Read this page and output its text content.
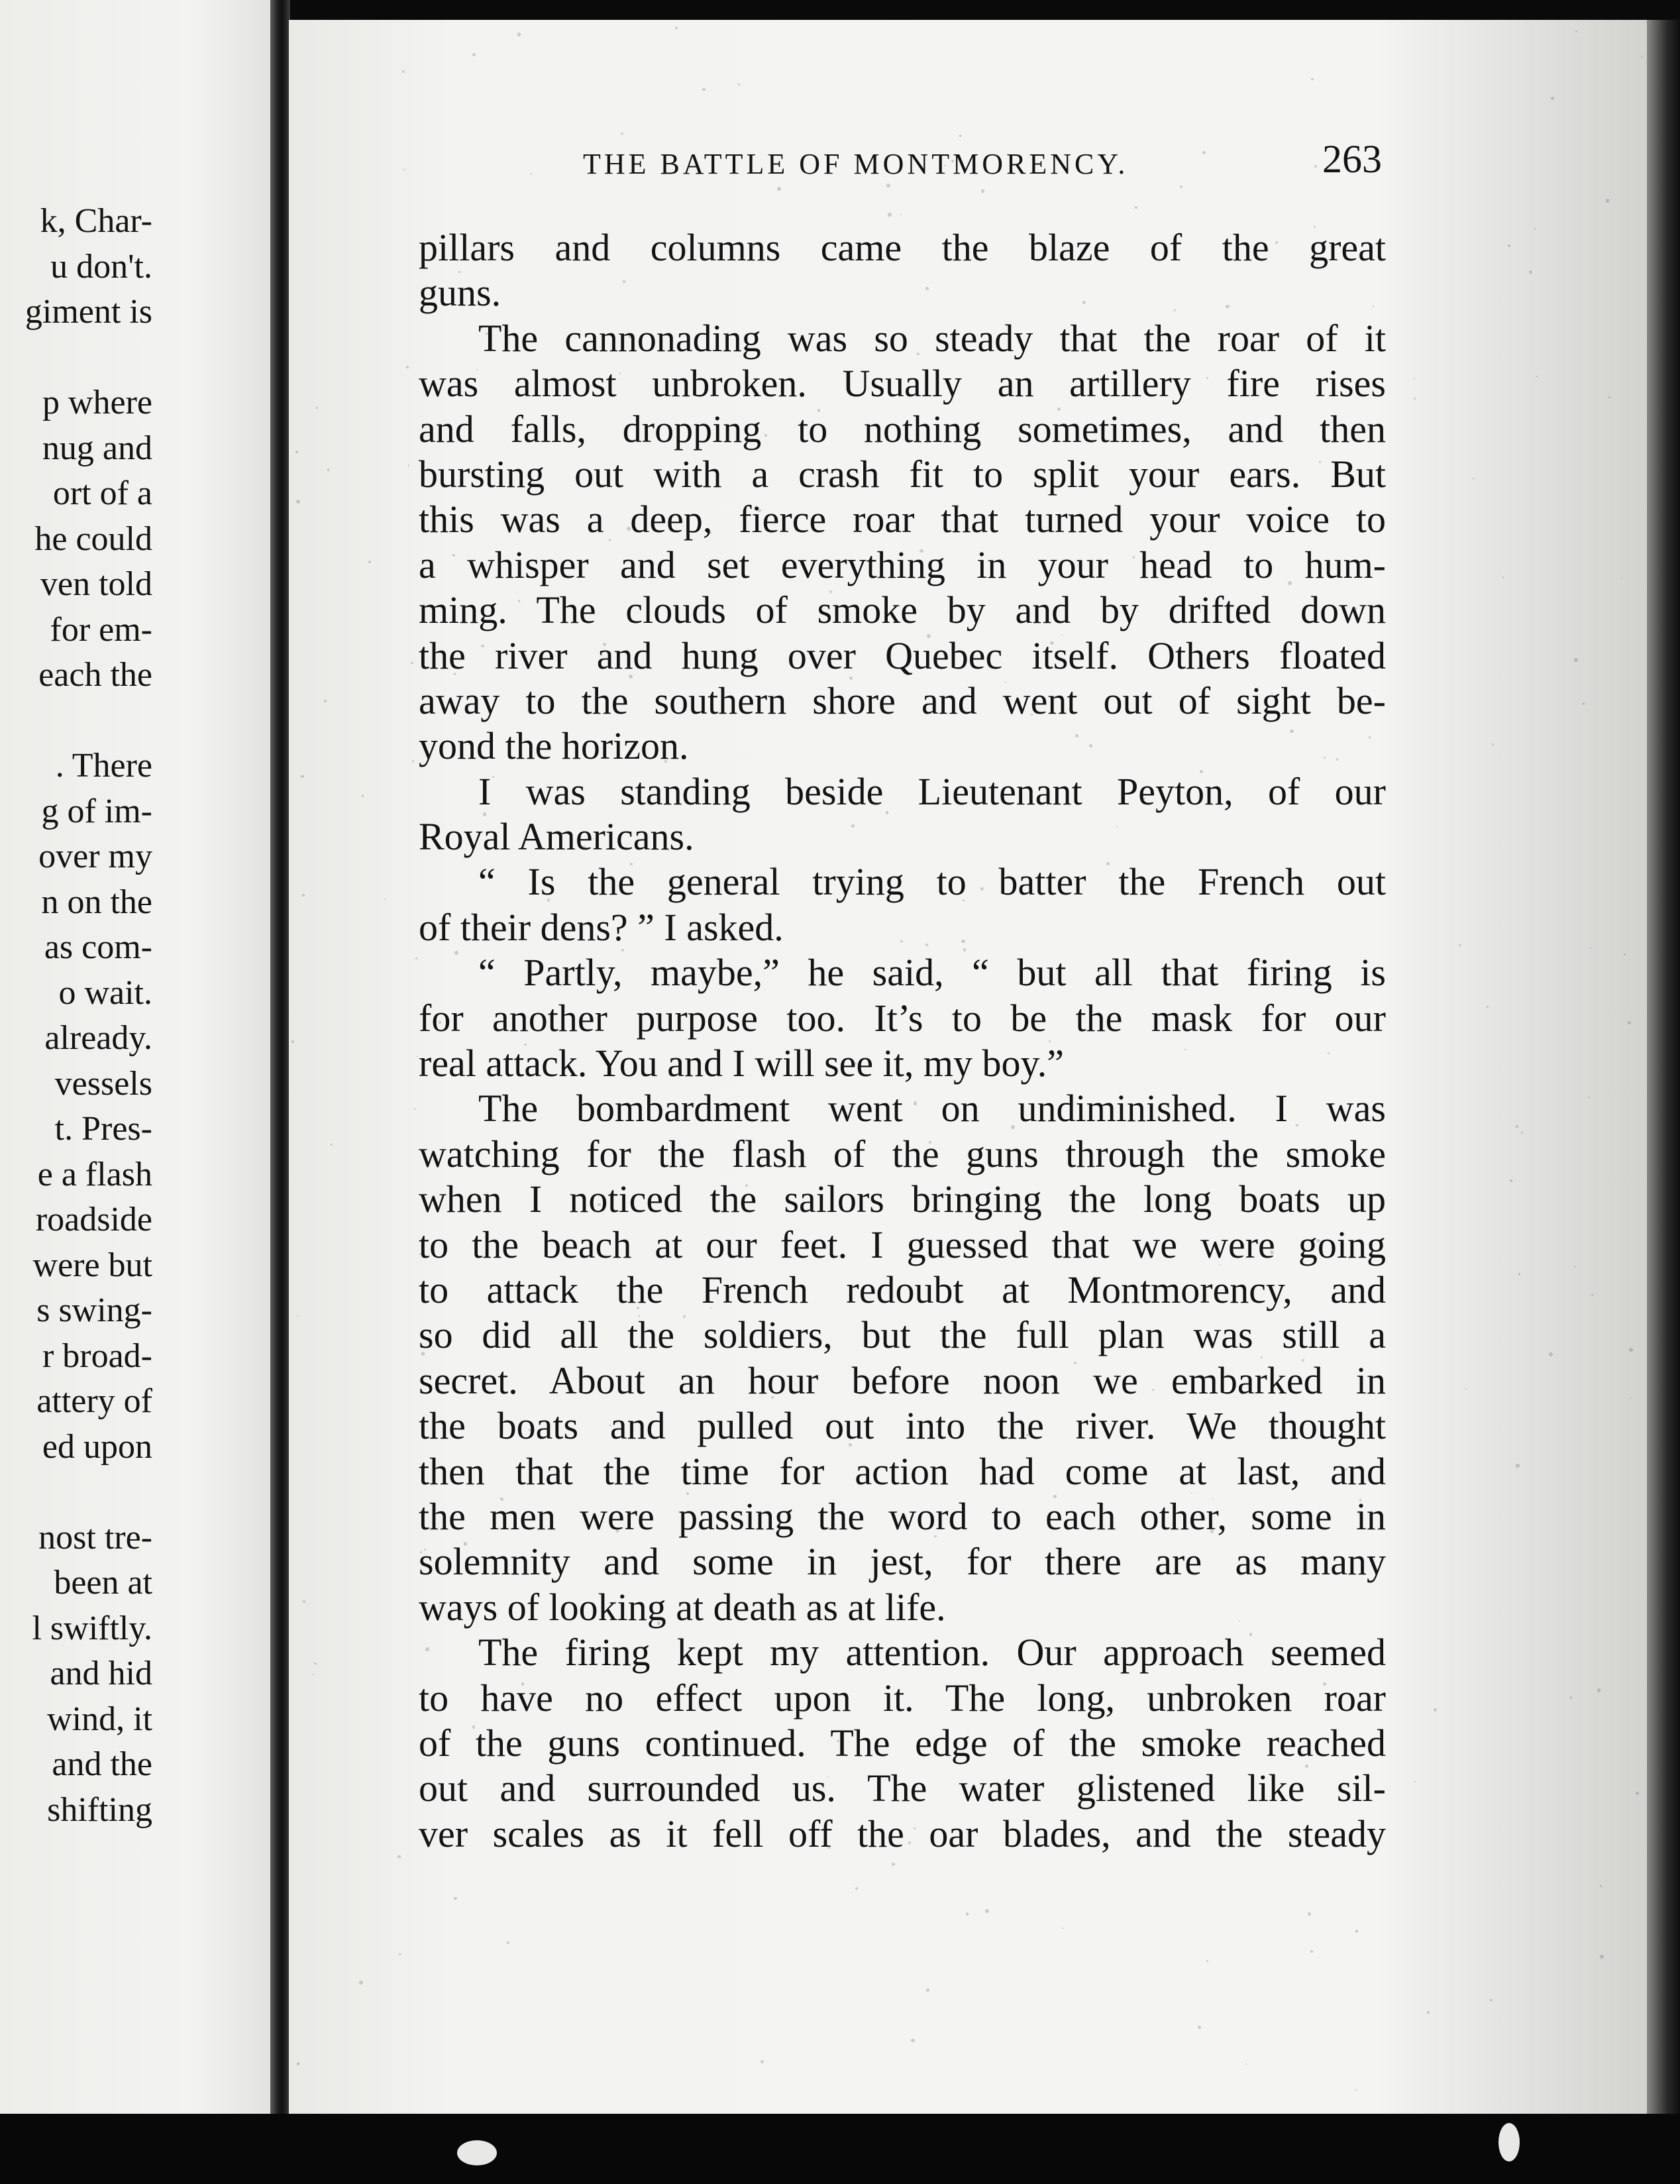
k, Char-
u don't.
giment is
p where
nug and
ort of a
he could
ven told
for em-
each the
. There
g of im-
over my
n on the
as com-
o wait.
already.
vessels
t. Pres-
e a flash
roadside
were but
s swing-
r broad-
attery of
ed upon
nost tre-
been at
l swiftly.
and hid
wind, it
and the
shifting
THE BATTLE OF MONTMORENCY.	263
pillars and columns came the blaze of the great
guns.
The cannonading was so steady that the roar of it
was almost unbroken. Usually an artillery fire rises
and falls, dropping to nothing sometimes, and then
bursting out with a crash fit to split your ears. But
this was a deep, fierce roar that turned your voice to
a whisper and set everything in your head to hum-
ming. The clouds of smoke by and by drifted down
the river and hung over Quebec itself. Others floated
away to the southern shore and went out of sight be-
yond the horizon.
I was standing beside Lieutenant Peyton, of our
Royal Americans.
“ Is the general trying to batter the French out
of their dens? ” I asked.
“ Partly, maybe,” he said, “ but all that firing is
for another purpose too. It’s to be the mask for our
real attack. You and I will see it, my boy.”
The bombardment went on undiminished. I was
watching for the flash of the guns through the smoke
when I noticed the sailors bringing the long boats up
to the beach at our feet. I guessed that we were going
to attack the French redoubt at Montmorency, and
so did all the soldiers, but the full plan was still a
secret. About an hour before noon we embarked in
the boats and pulled out into the river. We thought
then that the time for action had come at last, and
the men were passing the word to each other, some in
solemnity and some in jest, for there are as many
ways of looking at death as at life.
The firing kept my attention. Our approach seemed
to have no effect upon it. The long, unbroken roar
of the guns continued. The edge of the smoke reached
out and surrounded us. The water glistened like sil-
ver scales as it fell off the oar blades, and the steady
